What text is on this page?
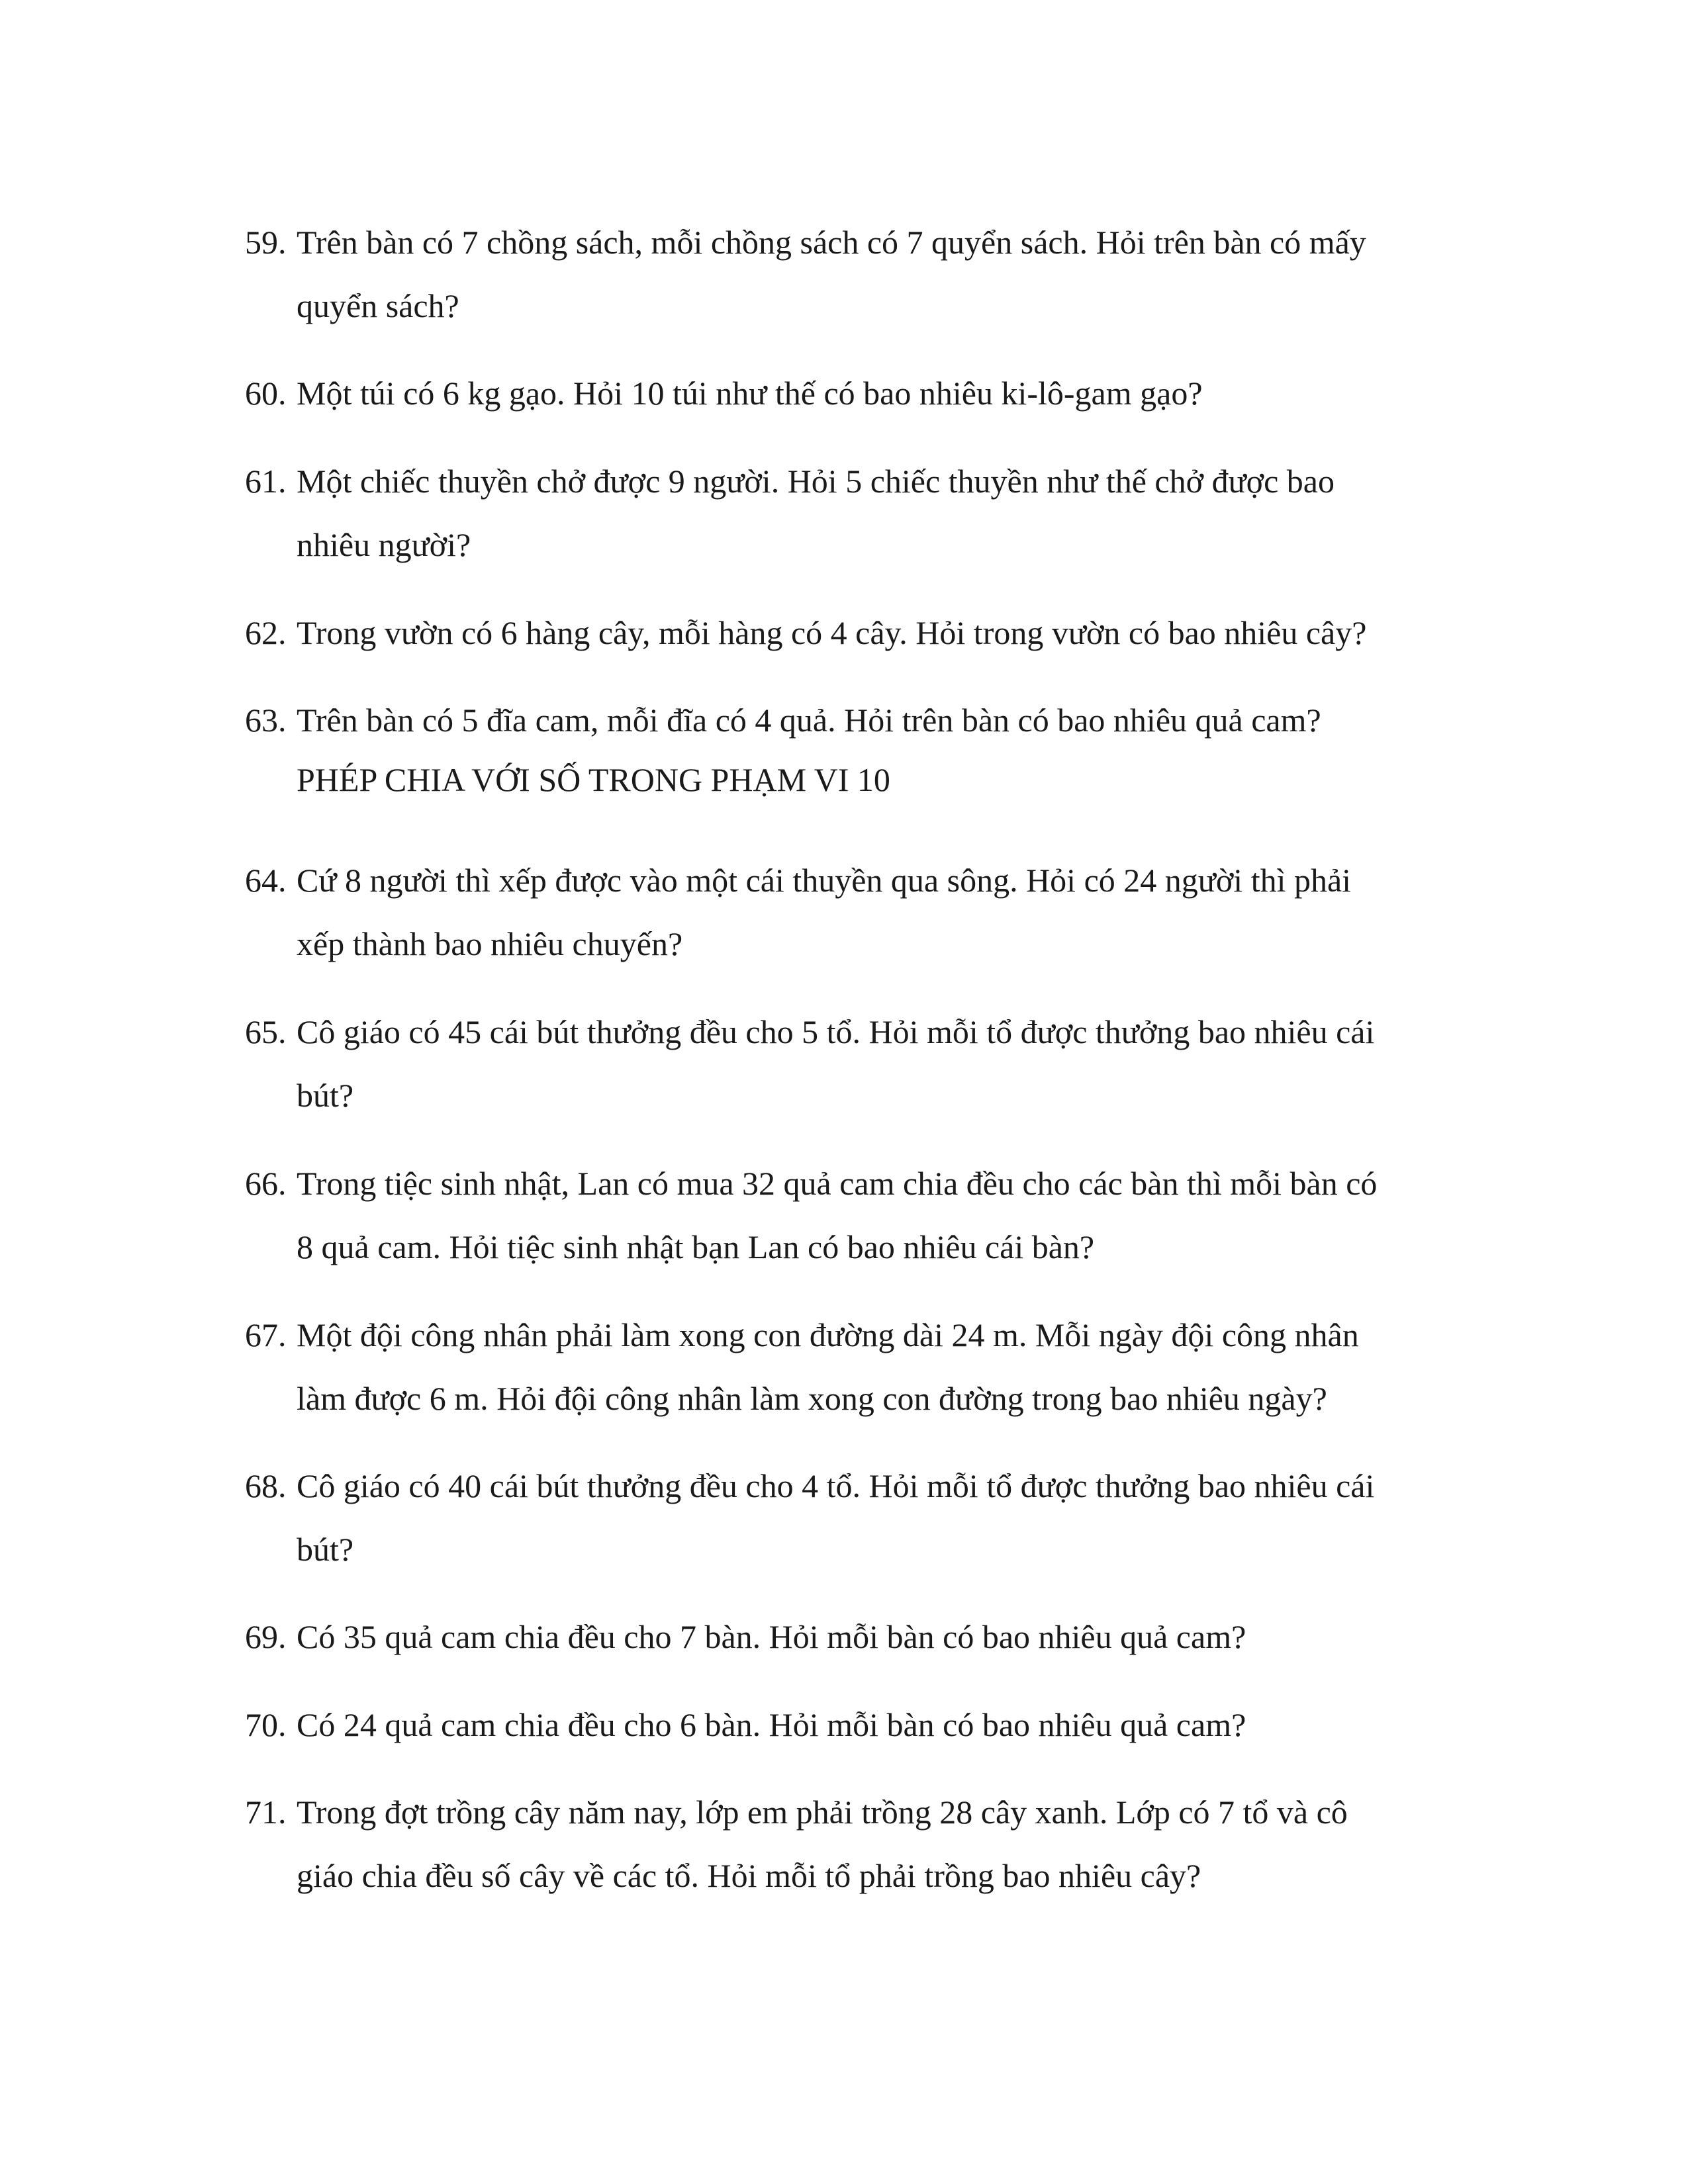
59. Trên bàn có 7 chồng sách, mỗi chồng sách có 7 quyển sách. Hỏi trên bàn có mấy
quyển sách?
60. Một túi có 6 kg gạo. Hỏi 10 túi như thế có bao nhiêu ki-lô-gam gạo?
61. Một chiếc thuyền chở được 9 người. Hỏi 5 chiếc thuyền như thế chở được bao
nhiêu người?
62. Trong vườn có 6 hàng cây, mỗi hàng có 4 cây. Hỏi trong vườn có bao nhiêu cây?
63. Trên bàn có 5 đĩa cam, mỗi đĩa có 4 quả. Hỏi trên bàn có bao nhiêu quả cam?
PHÉP CHIA VỚI SỐ TRONG PHẠM VI 10
64. Cứ 8 người thì xếp được vào một cái thuyền qua sông. Hỏi có 24 người thì phải
xếp thành bao nhiêu chuyến?
65. Cô giáo có 45 cái bút thưởng đều cho 5 tổ. Hỏi mỗi tổ được thưởng bao nhiêu cái
bút?
66. Trong tiệc sinh nhật, Lan có mua 32 quả cam chia đều cho các bàn thì mỗi bàn có
8 quả cam. Hỏi tiệc sinh nhật bạn Lan có bao nhiêu cái bàn?
67. Một đội công nhân phải làm xong con đường dài 24 m. Mỗi ngày đội công nhân
làm được 6 m. Hỏi đội công nhân làm xong con đường trong bao nhiêu ngày?
68. Cô giáo có 40 cái bút thưởng đều cho 4 tổ. Hỏi mỗi tổ được thưởng bao nhiêu cái
bút?
69. Có 35 quả cam chia đều cho 7 bàn. Hỏi mỗi bàn có bao nhiêu quả cam?
70. Có 24 quả cam chia đều cho 6 bàn. Hỏi mỗi bàn có bao nhiêu quả cam?
71. Trong đợt trồng cây năm nay, lớp em phải trồng 28 cây xanh. Lớp có 7 tổ và cô
giáo chia đều số cây về các tổ. Hỏi mỗi tổ phải trồng bao nhiêu cây?
